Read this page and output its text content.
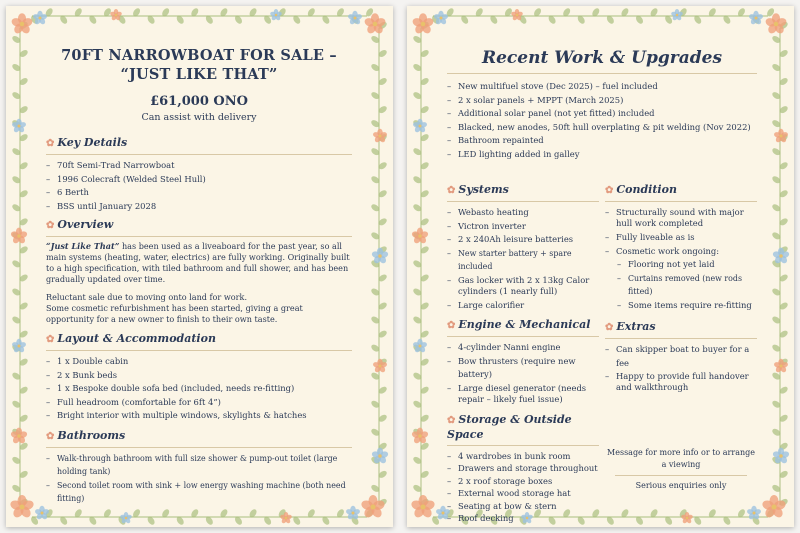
70FT NARROWBOAT FOR SALE –
“JUST LIKE THAT”
£61,000 ONO
Can assist with delivery
✿ Key Details
– 70ft Semi-Trad Narrowboat
– 1996 Colecraft (Welded Steel Hull)
– 6 Berth
– BSS until January 2028
✿ Overview

“Just Like That” has been used as a liveaboard for the past year, so all main systems (heating, water, electrics) are fully working. Originally built to a high specification, with tiled bathroom and full shower, and has been gradually updated over time.

Reluctant sale due to moving onto land for work.
Some cosmetic refurbishment has been started, giving a great opportunity for a new owner to finish to their own taste.

✿ Layout & Accommodation
– 1 x Double cabin
– 2 x Bunk beds
– 1 x Bespoke double sofa bed (included, needs re-fitting)
– Full headroom (comfortable for 6ft 4”)
– Bright interior with multiple windows, skylights & hatches
✿ Bathrooms
– Walk-through bathroom with full size shower & pump-out toilet (large holding tank)
– Second toilet room with sink + low energy washing machine (both need fitting)
Recent Work & Upgrades
– New multifuel stove (Dec 2025) – fuel included
– 2 x solar panels + MPPT (March 2025)
– Additional solar panel (not yet fitted) included
– Blacked, new anodes, 50ft hull overplating & pit welding (Nov 2022)
– Bathroom repainted
– LED lighting added in galley
✿ Systems
– Webasto heating
– Victron inverter
– 2 x 240Ah leisure batteries
– New starter battery + spare included
– Gas locker with 2 x 13kg Calor cylinders (1 nearly full)
– Large calorifier
✿ Engine & Mechanical
– 4-cylinder Nanni engine
– Bow thrusters (require new battery)
– Large diesel generator (needs repair – likely fuel issue)
✿ Storage & Outside Space
– 4 wardrobes in bunk room
– Drawers and storage throughout
– 2 x roof storage boxes
– External wood storage hat
– Seating at bow & stern
– Roof decking
✿ Condition
– Structurally sound with major hull work completed
– Fully liveable as is
– Cosmetic work ongoing:
– Flooring not yet laid
– Curtains removed (new rods fitted)
– Some items require re-fitting
✿ Extras
– Can skipper boat to buyer for a fee
– Happy to provide full handover and walkthrough
Message for more info or to arrange a viewing
Serious enquiries only
